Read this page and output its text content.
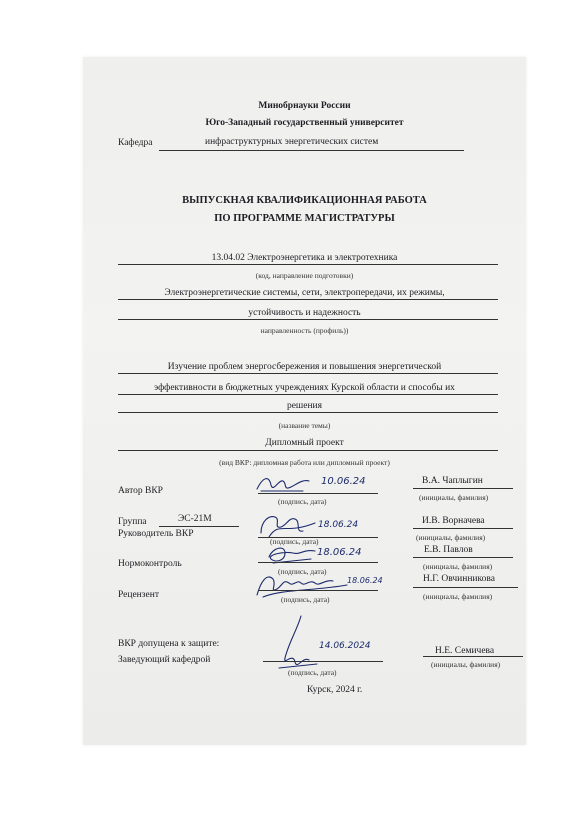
Минобрнауки России
Юго-Западный государственный университет
Кафедра	инфраструктурных энергетических систем
ВЫПУСКНАЯ КВАЛИФИКАЦИОННАЯ РАБОТА
ПО ПРОГРАММЕ МАГИСТРАТУРЫ
13.04.02 Электроэнергетика и электротехника
(код, направление подготовки)
Электроэнергетические системы, сети, электропередачи, их режимы,
устойчивость и надежность
направленность (профиль))
Изучение проблем энергосбережения и повышения энергетической
эффективности в бюджетных учреждениях Курской области и способы их
решения
(название темы)
Дипломный проект
(вид ВКР: дипломная работа или дипломный проект)
Автор ВКР
10.06.24
(подпись, дата)
В.А. Чаплыгин
(инициалы, фамилия)
Группа	ЭС-21М
Руководитель ВКР
18.06.24
(подпись, дата)
И.В. Ворначева
(инициалы, фамилия)
Нормоконтроль
18.06.24
(подпись, дата)
Е.В. Павлов
(инициалы, фамилия)
Рецензент
18.06.24
(подпись, дата)
Н.Г. Овчинникова
(инициалы, фамилия)
ВКР допущена к защите:
Заведующий кафедрой
14.06.2024
(подпись, дата)
Н.Е. Семичева
(инициалы, фамилия)
Курск, 2024 г.
